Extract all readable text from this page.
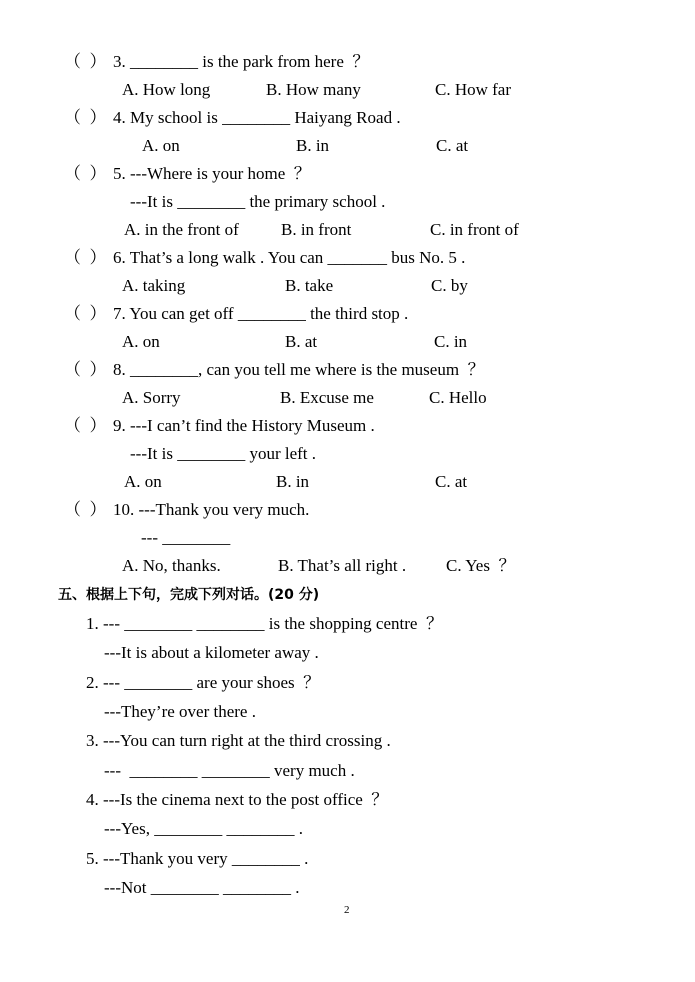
（  ） 3. ________ is the park from here  ？
A. How long	B. How many	C. How far
（  ） 4. My school is ________ Haiyang Road .
A. on	B. in	C. at
（  ） 5. ---Where is your home  ？
---It is ________ the primary school .
A. in the front of B. in front	C. in front of
（  ） 6. That’s a long walk . You can _______ bus No. 5 .
A. taking	B. take	C. by
（  ） 7. You can get off ________ the third stop .
A. on	B. at	C. in
（  ） 8. ________, can you tell me where is the museum  ？
A. Sorry	B. Excuse me	C. Hello
（  ） 9. ---I can’t find the History Museum .
---It is ________ your left .
A. on	B. in	C. at
（  ） 10. ---Thank you very much.
--- ________
A. No, thanks.	B. That’s all right . C. Yes  ？
五、根据上下句，完成下列对话。(20 分)
1. --- ________ ________ is the shopping centre  ？
---It is about a kilometer away .
2. --- ________ are your shoes  ？
---They’re over there .
3. ---You can turn right at the third crossing .
---  ________ ________ very much .
4. ---Is the cinema next to the post office  ？
---Yes, ________ ________ .
5. ---Thank you very ________ .
---Not ________ ________ .
2
